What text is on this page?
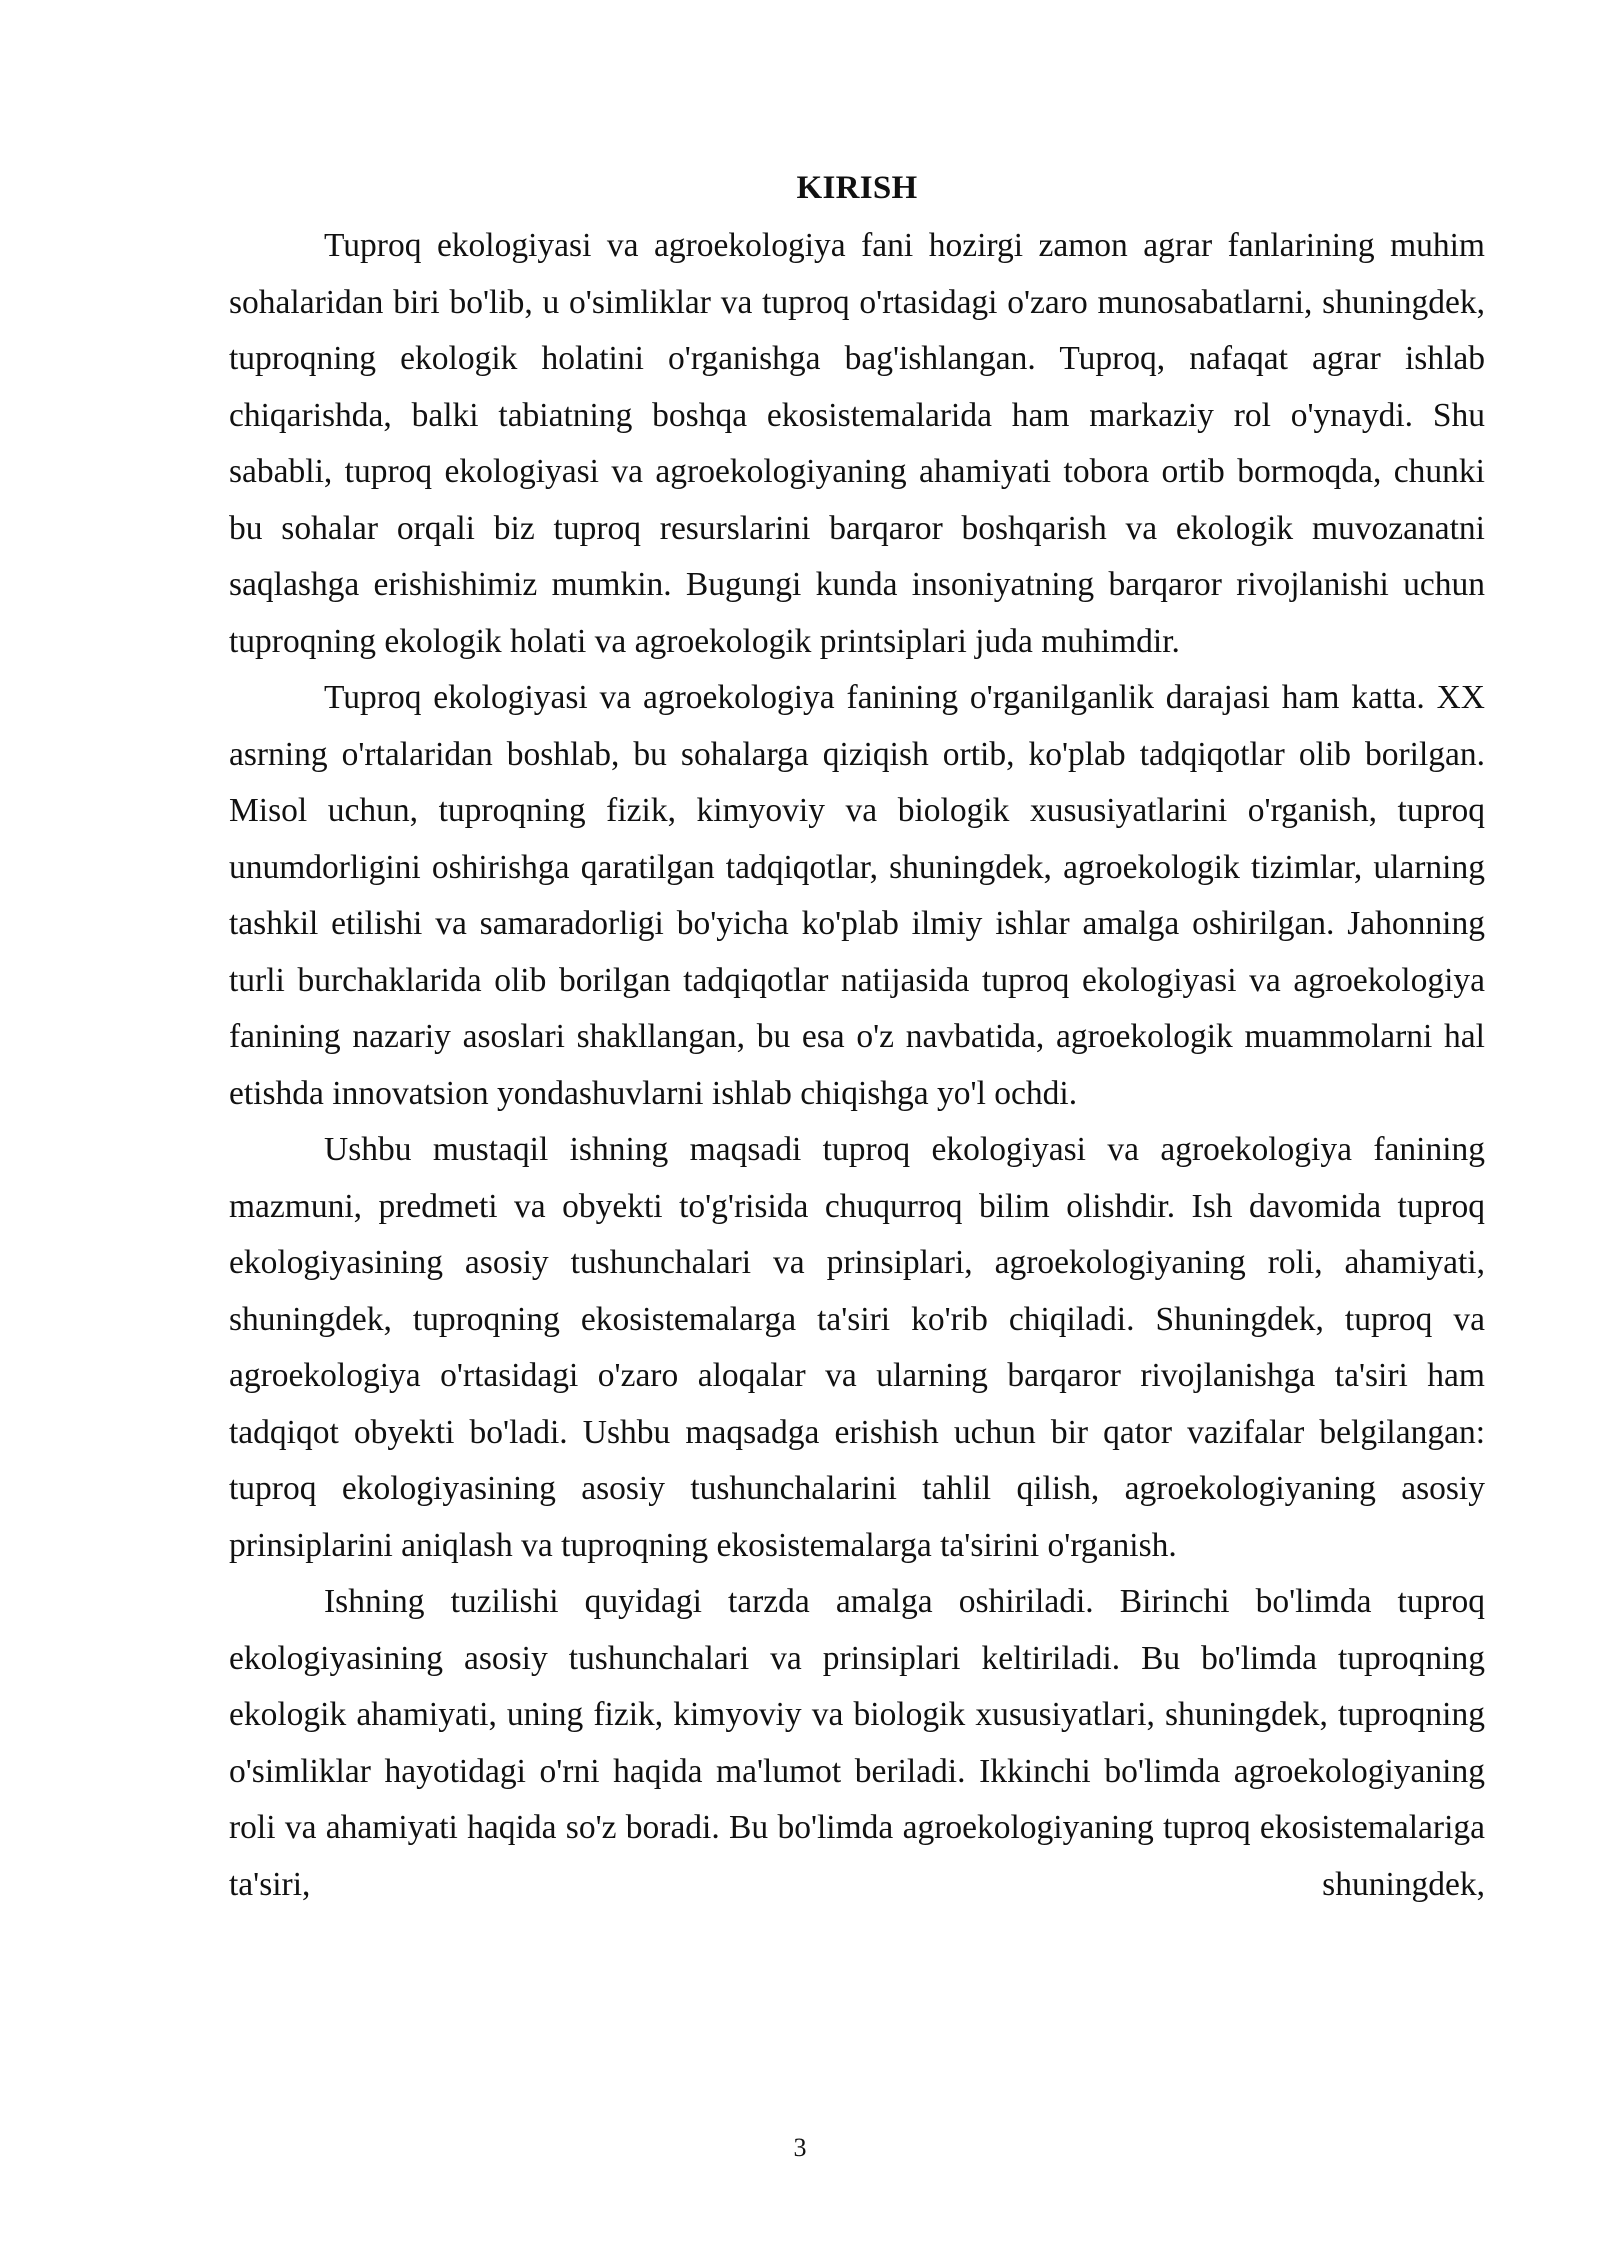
KIRISH

Tuproq ekologiyasi va agroekologiya fani hozirgi zamon agrar fanlarining muhim sohalaridan biri bo'lib, u o'simliklar va tuproq o'rtasidagi o'zaro munosabatlarni, shuningdek, tuproqning ekologik holatini o'rganishga bag'ishlangan. Tuproq, nafaqat agrar ishlab chiqarishda, balki tabiatning boshqa ekosistemalarida ham markaziy rol o'ynaydi. Shu sababli, tuproq ekologiyasi va agroekologiyaning ahamiyati tobora ortib bormoqda, chunki bu sohalar orqali biz tuproq resurslarini barqaror boshqarish va ekologik muvozanatni saqlashga erishishimiz mumkin. Bugungi kunda insoniyatning barqaror rivojlanishi uchun tuproqning ekologik holati va agroekologik printsiplari juda muhimdir.

Tuproq ekologiyasi va agroekologiya fanining o'rganilganlik darajasi ham katta. XX asrning o'rtalaridan boshlab, bu sohalarga qiziqish ortib, ko'plab tadqiqotlar olib borilgan. Misol uchun, tuproqning fizik, kimyoviy va biologik xususiyatlarini o'rganish, tuproq unumdorligini oshirishga qaratilgan tadqiqotlar, shuningdek, agroekologik tizimlar, ularning tashkil etilishi va samaradorligi bo'yicha ko'plab ilmiy ishlar amalga oshirilgan. Jahonning turli burchaklarida olib borilgan tadqiqotlar natijasida tuproq ekologiyasi va agroekologiya fanining nazariy asoslari shakllangan, bu esa o'z navbatida, agroekologik muammolarni hal etishda innovatsion yondashuvlarni ishlab chiqishga yo'l ochdi.

Ushbu mustaqil ishning maqsadi tuproq ekologiyasi va agroekologiya fanining mazmuni, predmeti va obyekti to'g'risida chuqurroq bilim olishdir. Ish davomida tuproq ekologiyasining asosiy tushunchalari va prinsiplari, agroekologiyaning roli, ahamiyati, shuningdek, tuproqning ekosistemalarga ta'siri ko'rib chiqiladi. Shuningdek, tuproq va agroekologiya o'rtasidagi o'zaro aloqalar va ularning barqaror rivojlanishga ta'siri ham tadqiqot obyekti bo'ladi. Ushbu maqsadga erishish uchun bir qator vazifalar belgilangan: tuproq ekologiyasining asosiy tushunchalarini tahlil qilish, agroekologiyaning asosiy prinsiplarini aniqlash va tuproqning ekosistemalarga ta'sirini o'rganish.

Ishning tuzilishi quyidagi tarzda amalga oshiriladi. Birinchi bo'limda tuproq ekologiyasining asosiy tushunchalari va prinsiplari keltiriladi. Bu bo'limda tuproqning ekologik ahamiyati, uning fizik, kimyoviy va biologik xususiyatlari, shuningdek, tuproqning o'simliklar hayotidagi o'rni haqida ma'lumot beriladi. Ikkinchi bo'limda agroekologiyaning roli va ahamiyati haqida so'z boradi. Bu bo'limda agroekologiyaning tuproq ekosistemalariga ta'siri, shuningdek,

3
